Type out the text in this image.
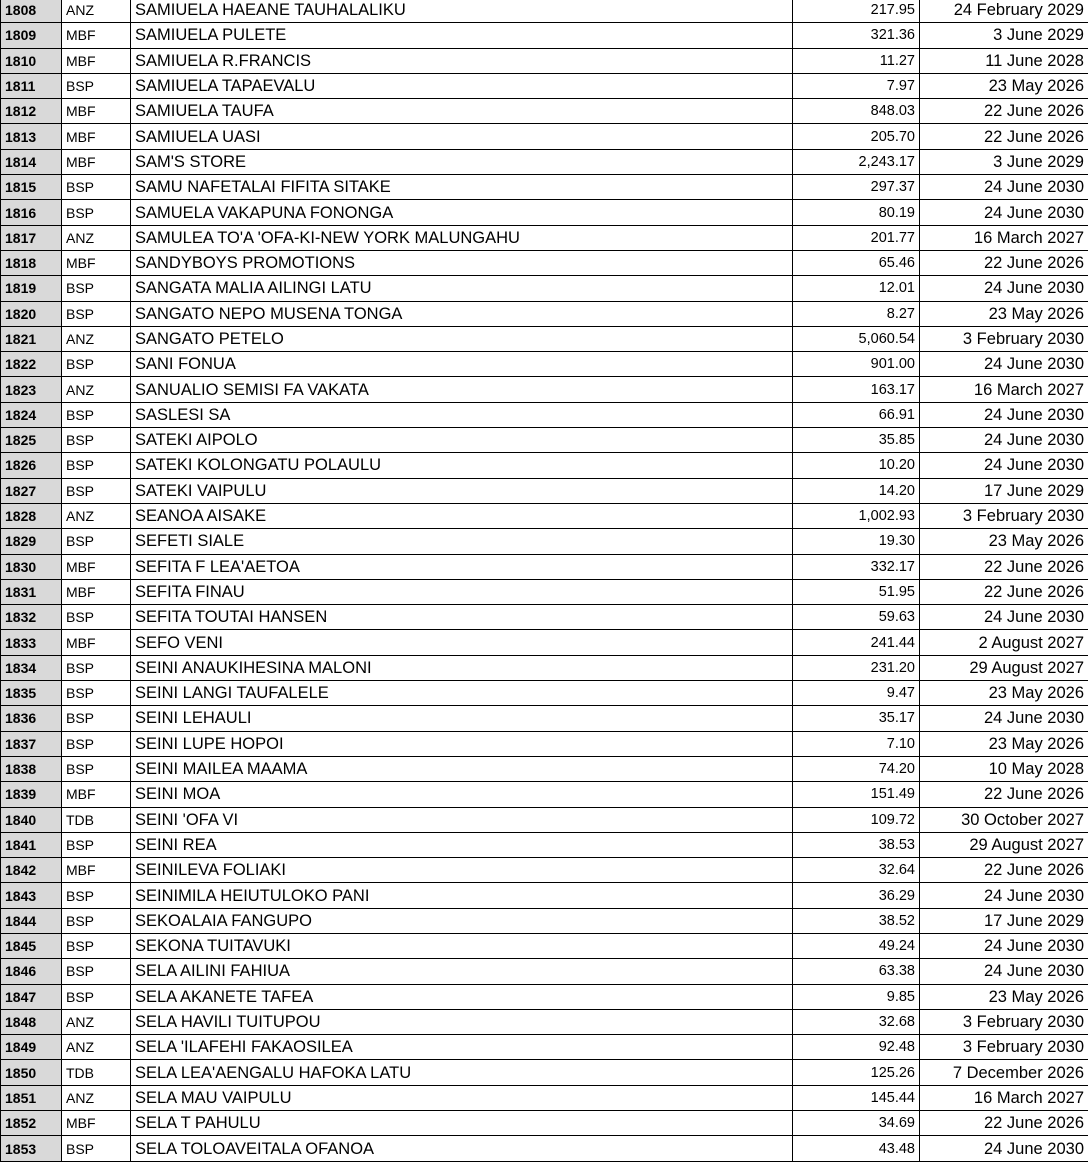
1808	ANZ	SAMIUELA HAEANE TAUHALALIKU	217.95	24 February 2029
1809	MBF	SAMIUELA PULETE	321.36	3 June 2029
1810	MBF	SAMIUELA R.FRANCIS	11.27	11 June 2028
1811	BSP	SAMIUELA TAPAEVALU	7.97	23 May 2026
1812	MBF	SAMIUELA TAUFA	848.03	22 June 2026
1813	MBF	SAMIUELA UASI	205.70	22 June 2026
1814	MBF	SAM'S STORE	2,243.17	3 June 2029
1815	BSP	SAMU NAFETALAI FIFITA SITAKE	297.37	24 June 2030
1816	BSP	SAMUELA VAKAPUNA FONONGA	80.19	24 June 2030
1817	ANZ	SAMULEA TO'A 'OFA-KI-NEW YORK MALUNGAHU	201.77	16 March 2027
1818	MBF	SANDYBOYS PROMOTIONS	65.46	22 June 2026
1819	BSP	SANGATA MALIA AILINGI LATU	12.01	24 June 2030
1820	BSP	SANGATO NEPO MUSENA TONGA	8.27	23 May 2026
1821	ANZ	SANGATO PETELO	5,060.54	3 February 2030
1822	BSP	SANI FONUA	901.00	24 June 2030
1823	ANZ	SANUALIO SEMISI FA VAKATA	163.17	16 March 2027
1824	BSP	SASLESI SA	66.91	24 June 2030
1825	BSP	SATEKI AIPOLO	35.85	24 June 2030
1826	BSP	SATEKI KOLONGATU POLAULU	10.20	24 June 2030
1827	BSP	SATEKI VAIPULU	14.20	17 June 2029
1828	ANZ	SEANOA AISAKE	1,002.93	3 February 2030
1829	BSP	SEFETI SIALE	19.30	23 May 2026
1830	MBF	SEFITA F LEA'AETOA	332.17	22 June 2026
1831	MBF	SEFITA FINAU	51.95	22 June 2026
1832	BSP	SEFITA TOUTAI HANSEN	59.63	24 June 2030
1833	MBF	SEFO VENI	241.44	2 August 2027
1834	BSP	SEINI ANAUKIHESINA MALONI	231.20	29 August 2027
1835	BSP	SEINI LANGI TAUFALELE	9.47	23 May 2026
1836	BSP	SEINI LEHAULI	35.17	24 June 2030
1837	BSP	SEINI LUPE HOPOI	7.10	23 May 2026
1838	BSP	SEINI MAILEA MAAMA	74.20	10 May 2028
1839	MBF	SEINI MOA	151.49	22 June 2026
1840	TDB	SEINI 'OFA VI	109.72	30 October 2027
1841	BSP	SEINI REA	38.53	29 August 2027
1842	MBF	SEINILEVA FOLIAKI	32.64	22 June 2026
1843	BSP	SEINIMILA HEIUTULOKO PANI	36.29	24 June 2030
1844	BSP	SEKOALAIA FANGUPO	38.52	17 June 2029
1845	BSP	SEKONA TUITAVUKI	49.24	24 June 2030
1846	BSP	SELA AILINI FAHIUA	63.38	24 June 2030
1847	BSP	SELA AKANETE TAFEA	9.85	23 May 2026
1848	ANZ	SELA HAVILI TUITUPOU	32.68	3 February 2030
1849	ANZ	SELA 'ILAFEHI FAKAOSILEA	92.48	3 February 2030
1850	TDB	SELA LEA'AENGALU HAFOKA LATU	125.26	7 December 2026
1851	ANZ	SELA MAU VAIPULU	145.44	16 March 2027
1852	MBF	SELA T PAHULU	34.69	22 June 2026
1853	BSP	SELA TOLOAVEITALA OFANOA	43.48	24 June 2030
